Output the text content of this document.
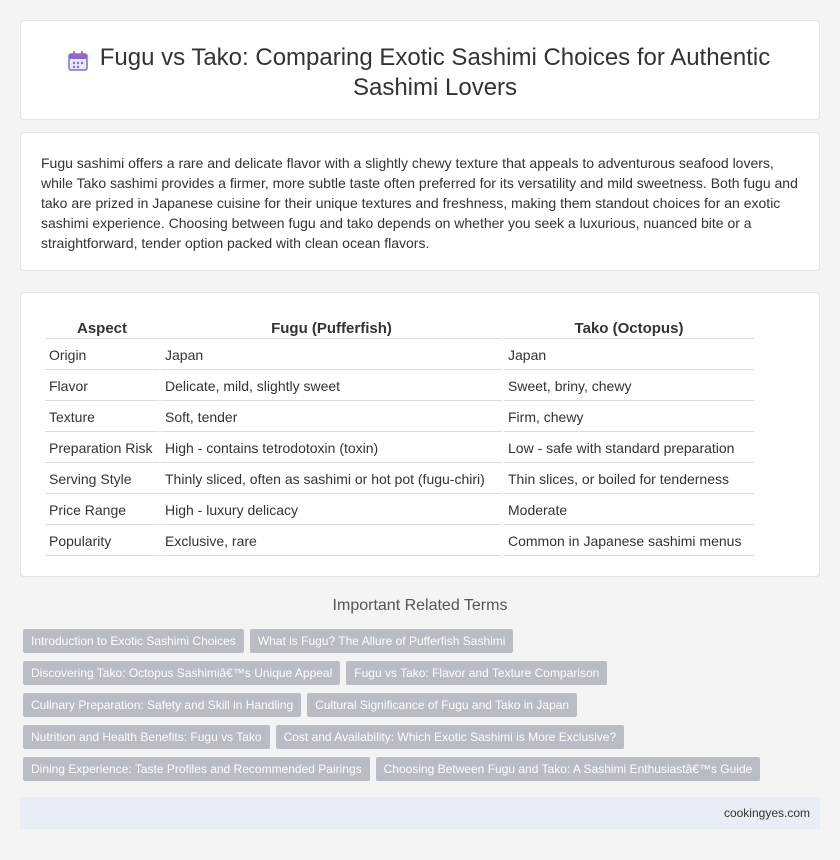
Fugu vs Tako: Comparing Exotic Sashimi Choices for Authentic Sashimi Lovers

Fugu sashimi offers a rare and delicate flavor with a slightly chewy texture that appeals to adventurous seafood lovers, while Tako sashimi provides a firmer, more subtle taste often preferred for its versatility and mild sweetness. Both fugu and tako are prized in Japanese cuisine for their unique textures and freshness, making them standout choices for an exotic sashimi experience. Choosing between fugu and tako depends on whether you seek a luxurious, nuanced bite or a straightforward, tender option packed with clean ocean flavors.

Aspect	Fugu (Pufferfish)	Tako (Octopus)
Origin	Japan	Japan
Flavor	Delicate, mild, slightly sweet	Sweet, briny, chewy
Texture	Soft, tender	Firm, chewy
Preparation Risk	High - contains tetrodotoxin (toxin)	Low - safe with standard preparation
Serving Style	Thinly sliced, often as sashimi or hot pot (fugu-chiri)	Thin slices, or boiled for tenderness
Price Range	High - luxury delicacy	Moderate
Popularity	Exclusive, rare	Common in Japanese sashimi menus
Important Related Terms
Introduction to Exotic Sashimi Choices What is Fugu? The Allure of Pufferfish Sashimi
Discovering Tako: Octopus Sashimiâ€™s Unique Appeal Fugu vs Tako: Flavor and Texture Comparison
Culinary Preparation: Safety and Skill in Handling Cultural Significance of Fugu and Tako in Japan
Nutrition and Health Benefits: Fugu vs Tako Cost and Availability: Which Exotic Sashimi is More Exclusive?
Dining Experience: Taste Profiles and Recommended Pairings Choosing Between Fugu and Tako: A Sashimi Enthusiastâ€™s Guide
cookingyes.com
